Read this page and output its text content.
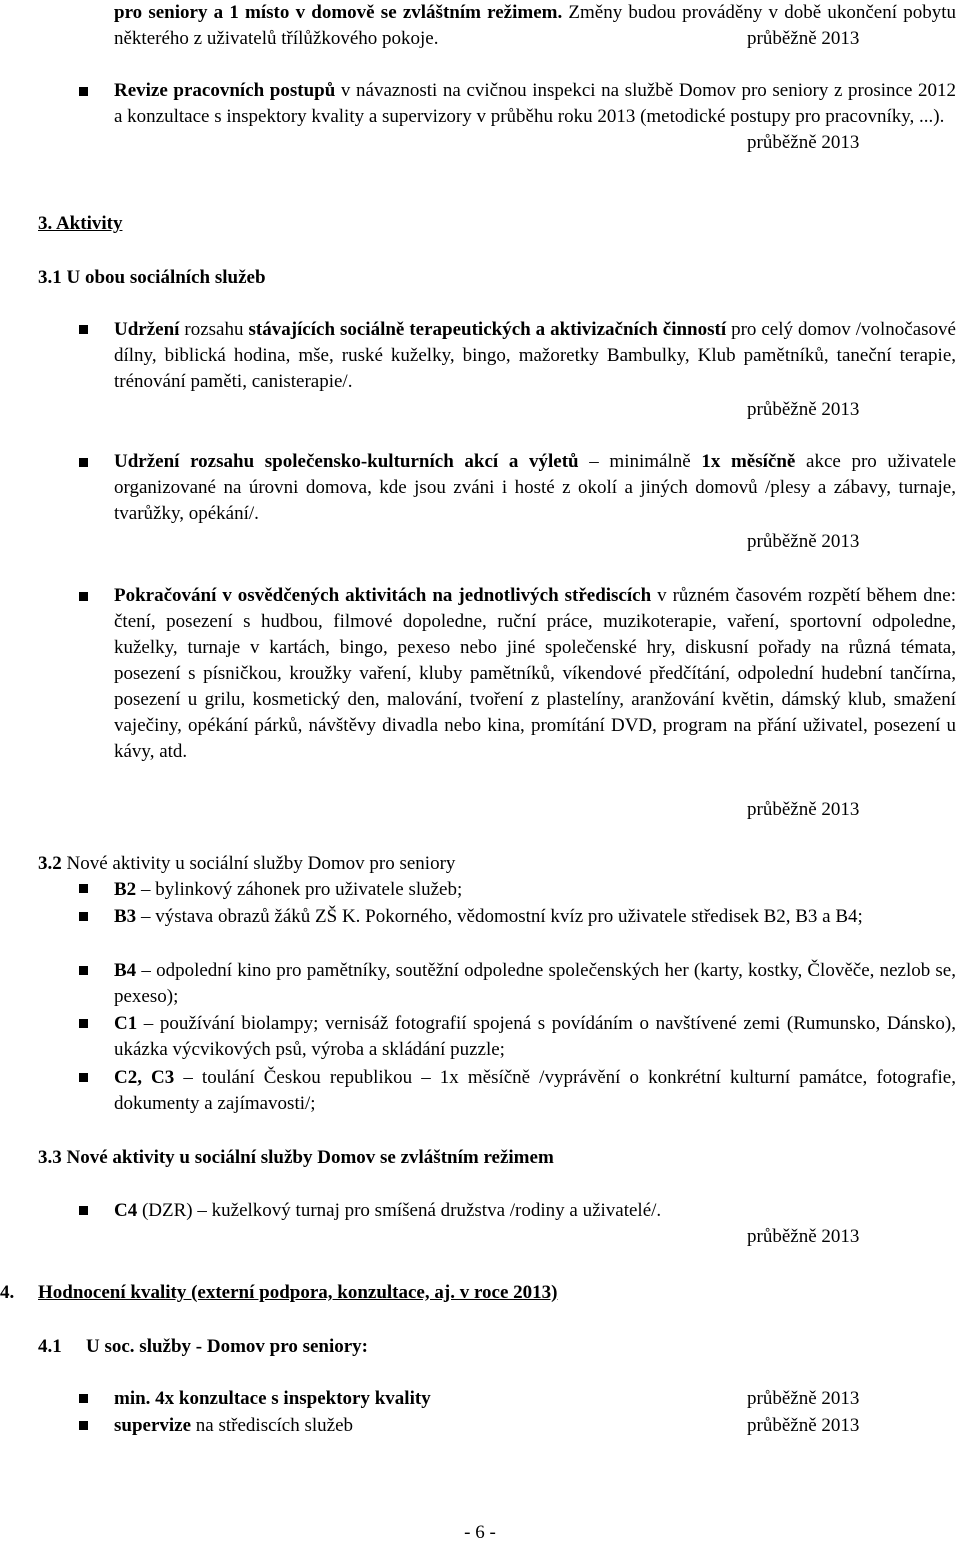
pro seniory a 1 místo v domově se zvláštním režimem. Změny budou prováděny v době ukončení pobytu některého z uživatelů třílůžkového pokoje.	průběžně 2013
Revize pracovních postupů v návaznosti na cvičnou inspekci na službě Domov pro seniory z prosince 2012 a konzultace s inspektory kvality a supervizory v průběhu roku 2013 (metodické postupy pro pracovníky, ...).
průběžně 2013
3. Aktivity
3.1 U obou sociálních služeb
Udržení rozsahu stávajících sociálně terapeutických a aktivizačních činností pro celý domov /volnočasové dílny, biblická hodina, mše, ruské kuželky, bingo, mažoretky Bambulky, Klub pamětníků, taneční terapie, trénování paměti, canisterapie/.
průběžně 2013
Udržení rozsahu společensko-kulturních akcí a výletů – minimálně 1x měsíčně akce pro uživatele organizované na úrovni domova, kde jsou zváni i hosté z okolí a jiných domovů /plesy a zábavy, turnaje, tvarůžky, opékání/.
průběžně 2013
Pokračování v osvědčených aktivitách na jednotlivých střediscích v různém časovém rozpětí během dne: čtení, posezení s hudbou, filmové dopoledne, ruční práce, muzikoterapie, vaření, sportovní odpoledne, kuželky, turnaje v kartách, bingo, pexeso nebo jiné společenské hry, diskusní pořady na různá témata, posezení s písničkou, kroužky vaření, kluby pamětníků, víkendové předčítání, odpolední hudební tančírna, posezení u grilu, kosmetický den, malování, tvoření z plastelíny, aranžování květin, dámský klub, smažení vaječiny, opékání párků, návštěvy divadla nebo kina, promítání DVD, program na přání uživatel, posezení u kávy, atd.
průběžně 2013
3.2 Nové aktivity u sociální služby Domov pro seniory
B2 – bylinkový záhonek pro uživatele služeb;
B3 – výstava obrazů žáků ZŠ K. Pokorného, vědomostní kvíz pro uživatele středisek B2, B3 a B4;
B4 – odpolední kino pro pamětníky, soutěžní odpoledne společenských her (karty, kostky, Člověče, nezlob se, pexeso);
C1 – používání biolampy; vernisáž fotografií spojená s povídáním o navštívené zemi (Rumunsko, Dánsko), ukázka výcvikových psů, výroba a skládání puzzle;
C2, C3 – toulání Českou republikou – 1x měsíčně /vyprávění o konkrétní kulturní památce, fotografie, dokumenty a zajímavosti/;
3.3 Nové aktivity u sociální služby Domov se zvláštním režimem
C4 (DZR) – kuželkový turnaj pro smíšená družstva /rodiny a uživatelé/.
průběžně 2013
4. Hodnocení kvality (externí podpora, konzultace, aj. v roce 2013)
4.1 U soc. služby - Domov pro seniory:
min. 4x konzultace s inspektory kvality	průběžně 2013
supervize na střediscích služeb	průběžně 2013
- 6 -
